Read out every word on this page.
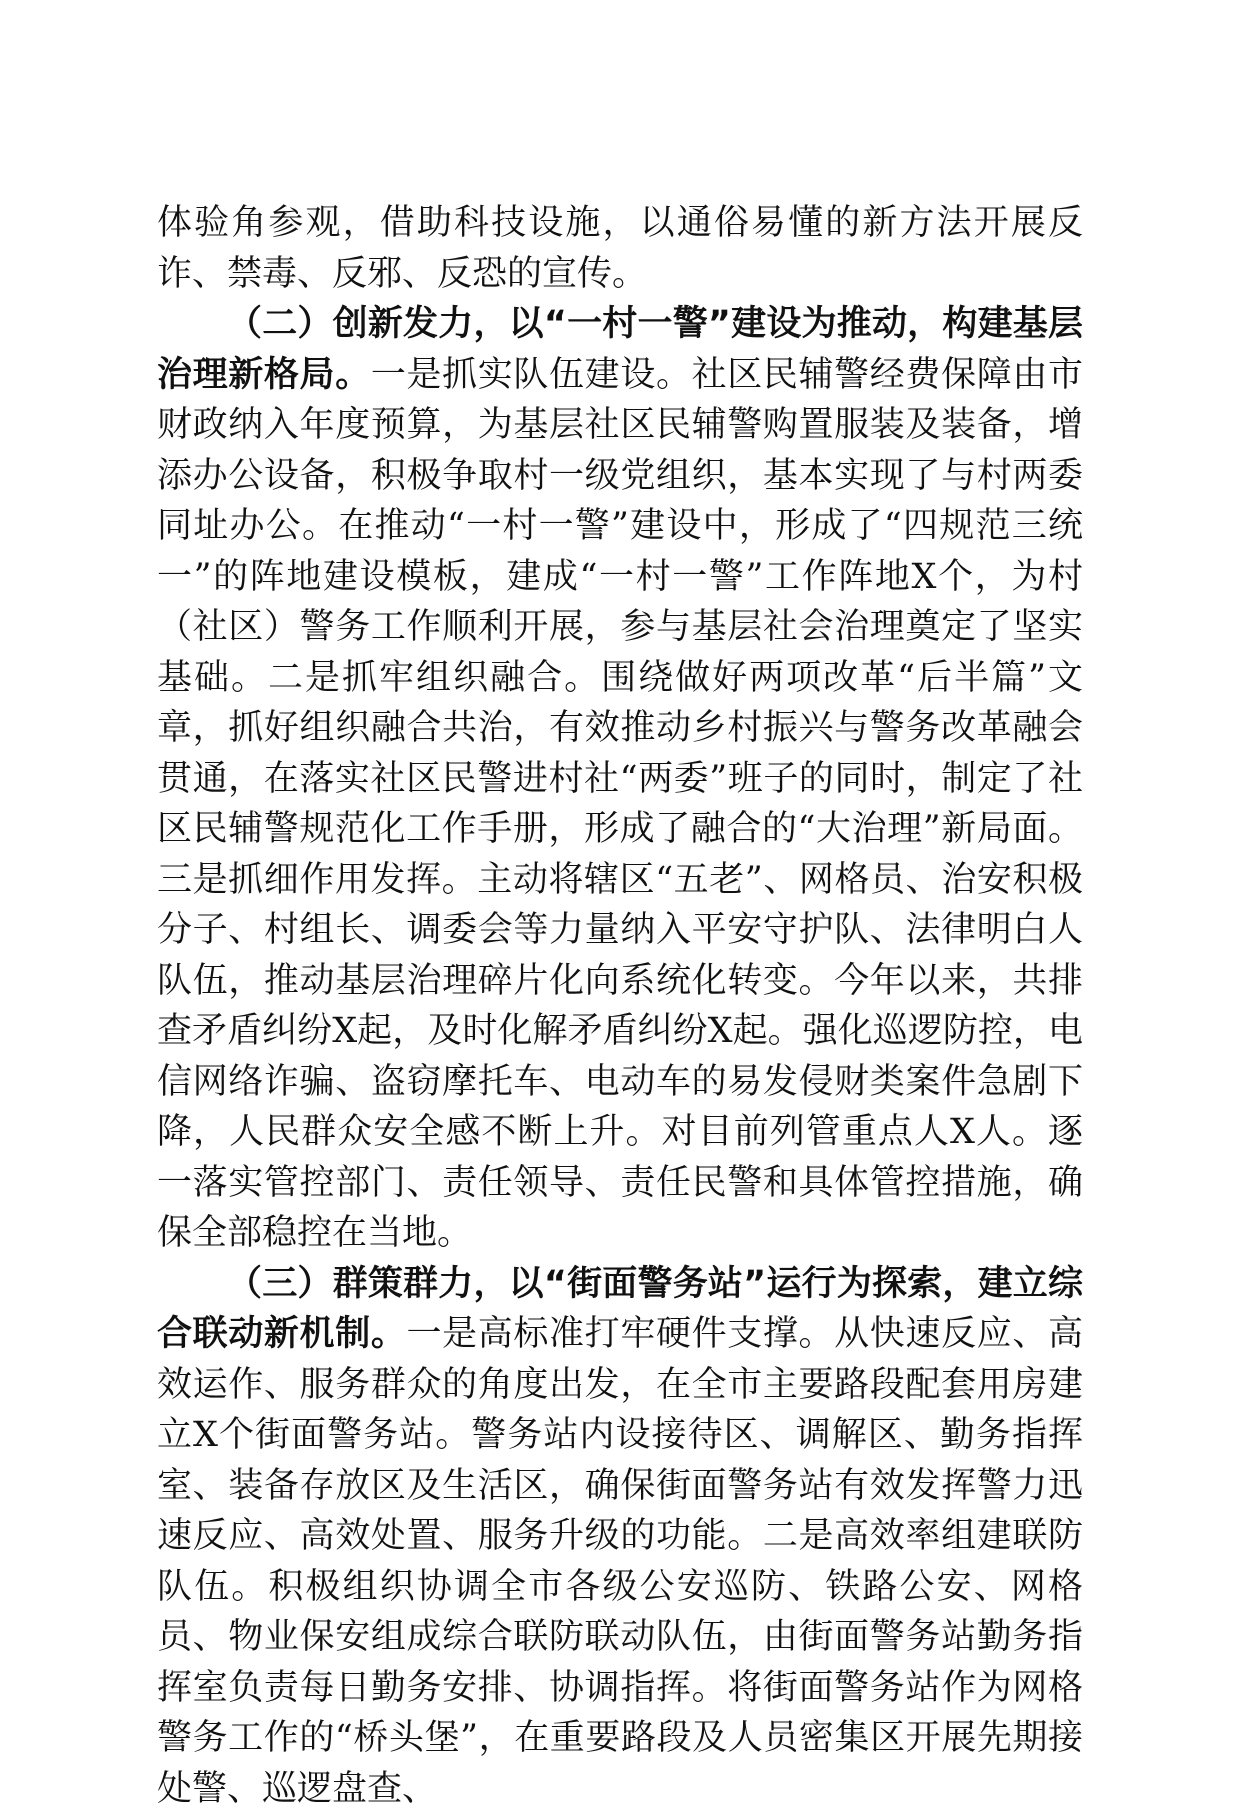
体验角参观，借助科技设施，以通俗易懂的新方法开展反诈、禁毒、反邪、反恐的宣传。

（二）创新发力，以“一村一警”建设为推动，构建基层治理新格局。一是抓实队伍建设。社区民辅警经费保障由市财政纳入年度预算，为基层社区民辅警购置服装及装备，增添办公设备，积极争取村一级党组织，基本实现了与村两委同址办公。在推动“一村一警”建设中，形成了“四规范三统一”的阵地建设模板，建成“一村一警”工作阵地X个，为村（社区）警务工作顺利开展，参与基层社会治理奠定了坚实基础。二是抓牢组织融合。围绕做好两项改革“后半篇”文章，抓好组织融合共治，有效推动乡村振兴与警务改革融会贯通，在落实社区民警进村社“两委”班子的同时，制定了社区民辅警规范化工作手册，形成了融合的“大治理”新局面。三是抓细作用发挥。主动将辖区“五老”、网格员、治安积极分子、村组长、调委会等力量纳入平安守护队、法律明白人队伍，推动基层治理碎片化向系统化转变。今年以来，共排查矛盾纠纷X起，及时化解矛盾纠纷X起。强化巡逻防控，电信网络诈骗、盗窃摩托车、电动车的易发侵财类案件急剧下降，人民群众安全感不断上升。对目前列管重点人X人。逐一落实管控部门、责任领导、责任民警和具体管控措施，确保全部稳控在当地。

（三）群策群力，以“街面警务站”运行为探索，建立综合联动新机制。一是高标准打牢硬件支撑。从快速反应、高效运作、服务群众的角度出发，在全市主要路段配套用房建立X个街面警务站。警务站内设接待区、调解区、勤务指挥室、装备存放区及生活区，确保街面警务站有效发挥警力迅速反应、高效处置、服务升级的功能。二是高效率组建联防队伍。积极组织协调全市各级公安巡防、铁路公安、网格员、物业保安组成综合联防联动队伍，由街面警务站勤务指挥室负责每日勤务安排、协调指挥。将街面警务站作为网格警务工作的“桥头堡”，在重要路段及人员密集区开展先期接处警、巡逻盘查、
